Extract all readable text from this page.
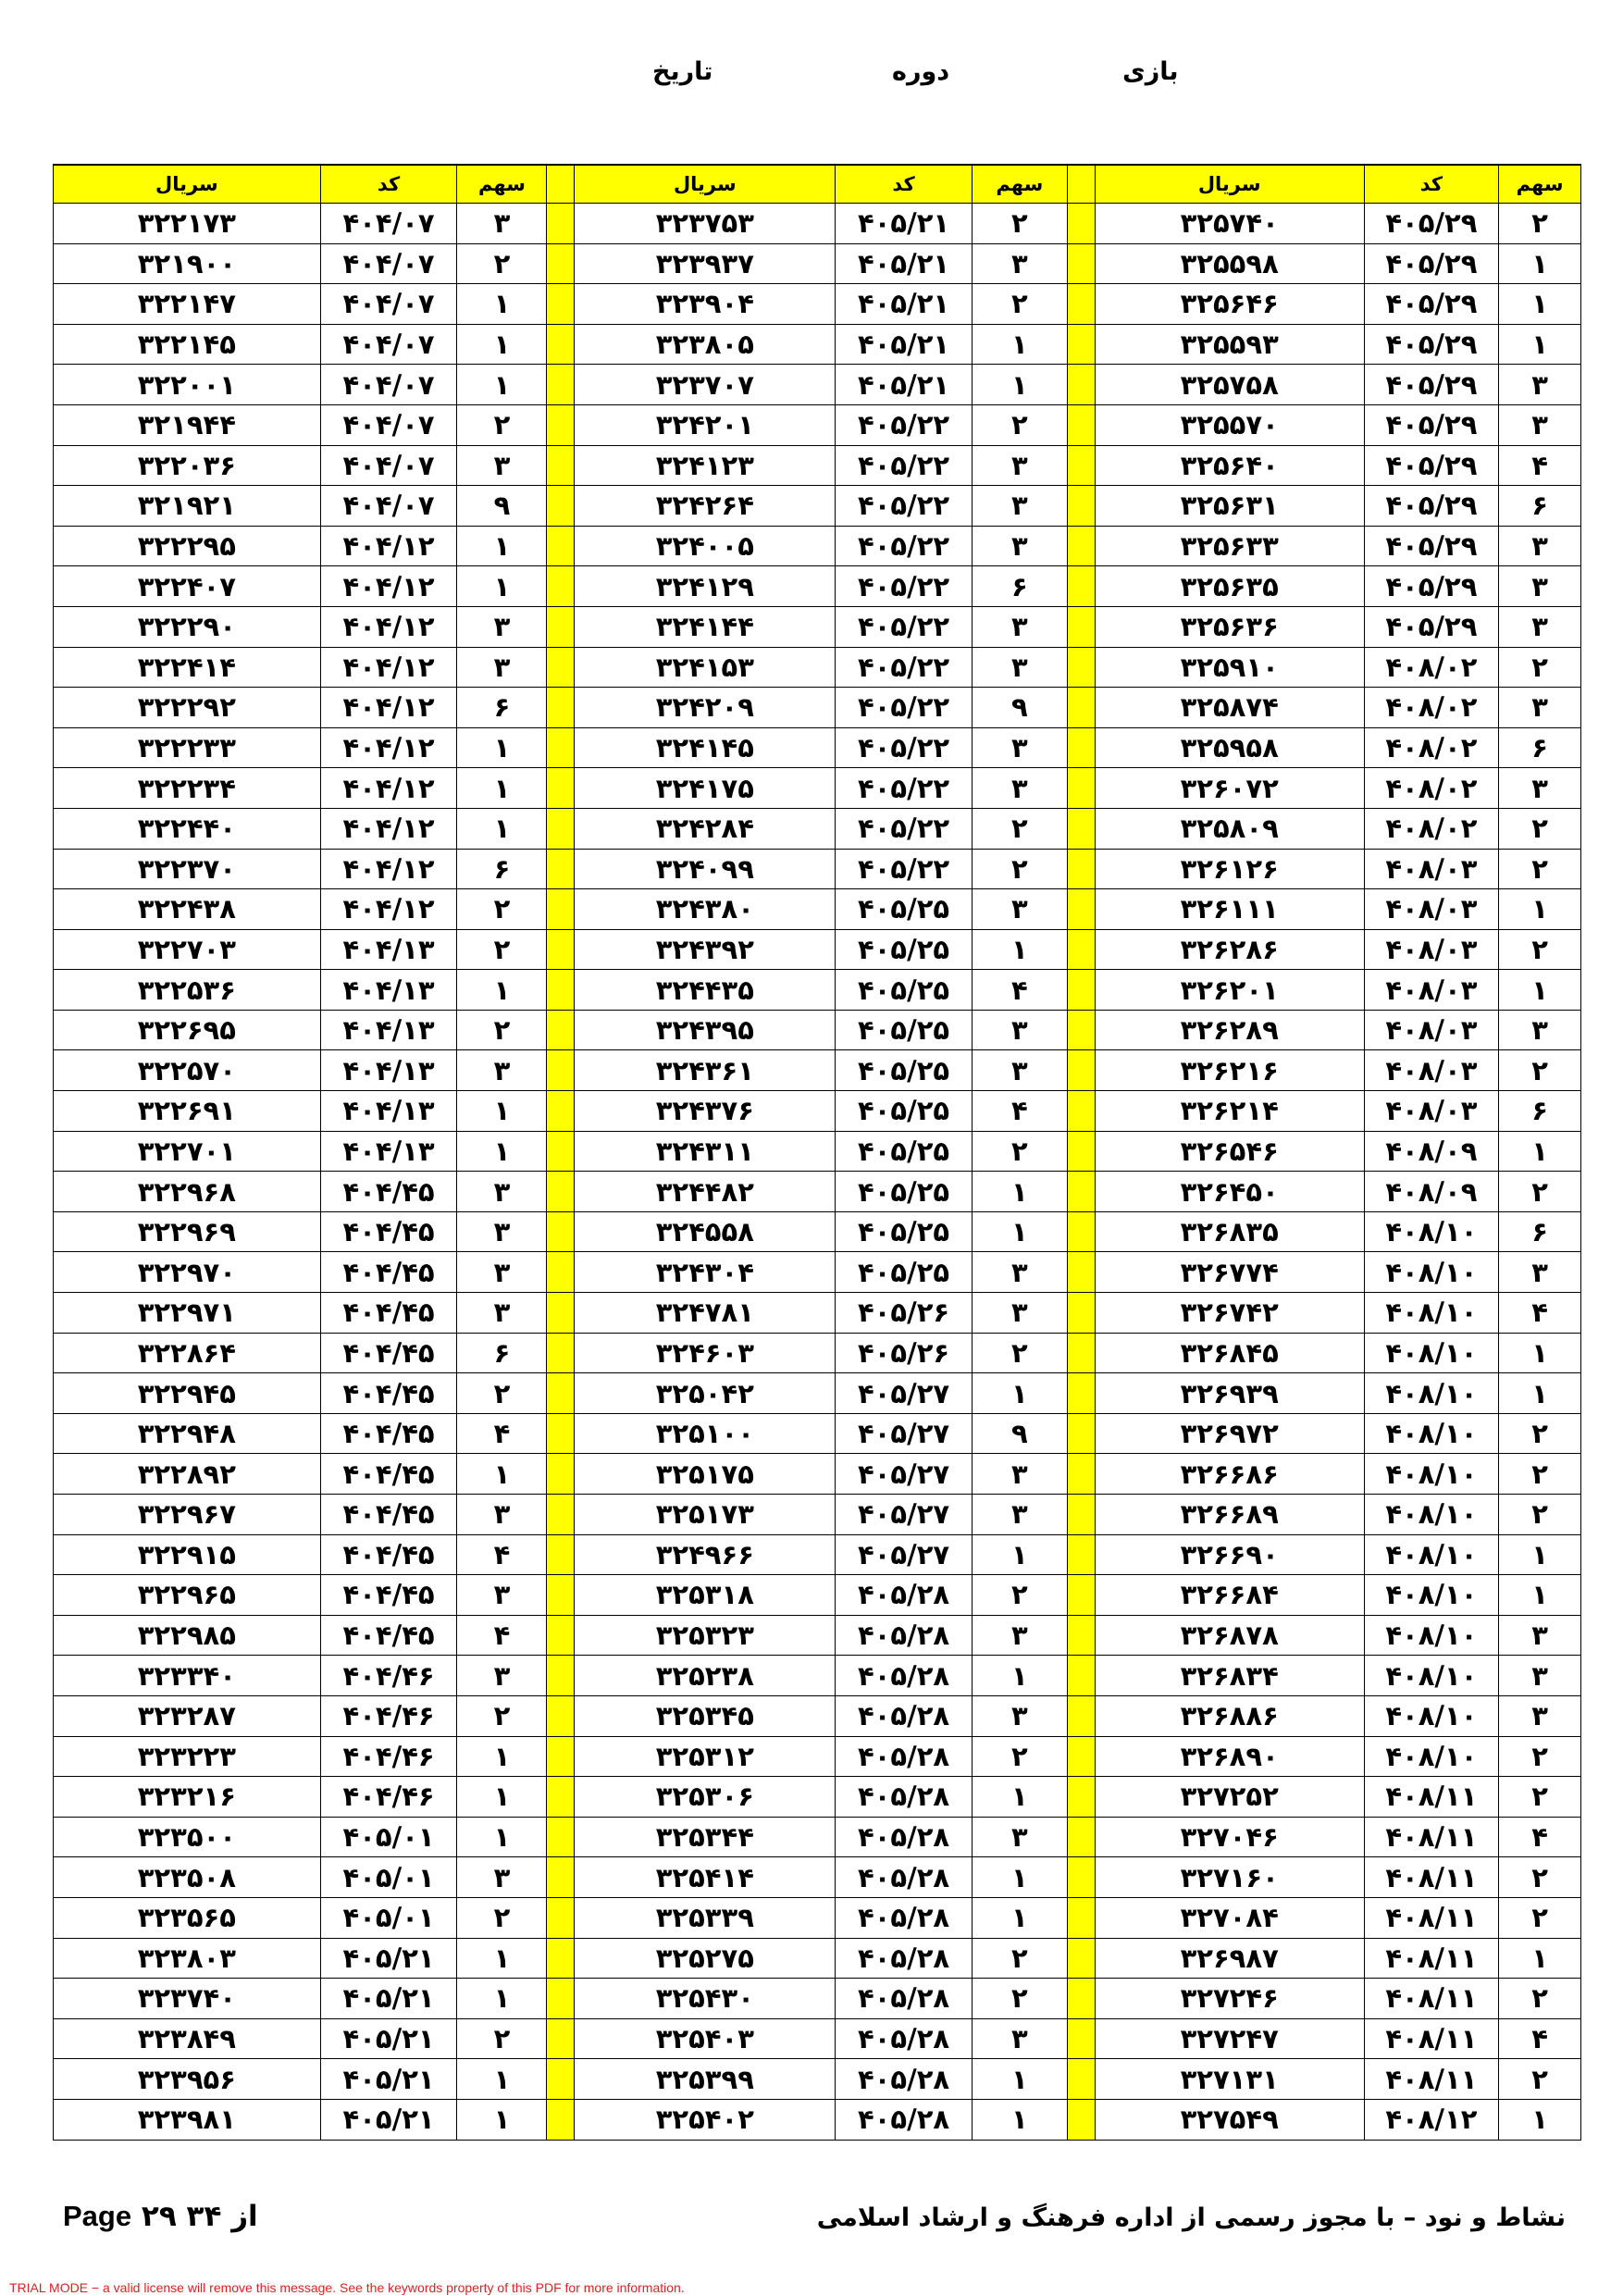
بازی
دوره
تاریخ
سهم	کد	سریال		سهم	کد	سریال		سهم	کد	سریال
۲	۴۰۵/۲۹	۳۲۵۷۴۰		۲	۴۰۵/۲۱	۳۲۳۷۵۳		۳	۴۰۴/۰۷	۳۲۲۱۷۳
۱	۴۰۵/۲۹	۳۲۵۵۹۸		۳	۴۰۵/۲۱	۳۲۳۹۳۷		۲	۴۰۴/۰۷	۳۲۱۹۰۰
۱	۴۰۵/۲۹	۳۲۵۶۴۶		۲	۴۰۵/۲۱	۳۲۳۹۰۴		۱	۴۰۴/۰۷	۳۲۲۱۴۷
۱	۴۰۵/۲۹	۳۲۵۵۹۳		۱	۴۰۵/۲۱	۳۲۳۸۰۵		۱	۴۰۴/۰۷	۳۲۲۱۴۵
۳	۴۰۵/۲۹	۳۲۵۷۵۸		۱	۴۰۵/۲۱	۳۲۳۷۰۷		۱	۴۰۴/۰۷	۳۲۲۰۰۱
۳	۴۰۵/۲۹	۳۲۵۵۷۰		۲	۴۰۵/۲۲	۳۲۴۲۰۱		۲	۴۰۴/۰۷	۳۲۱۹۴۴
۴	۴۰۵/۲۹	۳۲۵۶۴۰		۳	۴۰۵/۲۲	۳۲۴۱۲۳		۳	۴۰۴/۰۷	۳۲۲۰۳۶
۶	۴۰۵/۲۹	۳۲۵۶۳۱		۳	۴۰۵/۲۲	۳۲۴۲۶۴		۹	۴۰۴/۰۷	۳۲۱۹۲۱
۳	۴۰۵/۲۹	۳۲۵۶۳۳		۳	۴۰۵/۲۲	۳۲۴۰۰۵		۱	۴۰۴/۱۲	۳۲۲۲۹۵
۳	۴۰۵/۲۹	۳۲۵۶۳۵		۶	۴۰۵/۲۲	۳۲۴۱۲۹		۱	۴۰۴/۱۲	۳۲۲۴۰۷
۳	۴۰۵/۲۹	۳۲۵۶۳۶		۳	۴۰۵/۲۲	۳۲۴۱۴۴		۳	۴۰۴/۱۲	۳۲۲۲۹۰
۲	۴۰۸/۰۲	۳۲۵۹۱۰		۳	۴۰۵/۲۲	۳۲۴۱۵۳		۳	۴۰۴/۱۲	۳۲۲۴۱۴
۳	۴۰۸/۰۲	۳۲۵۸۷۴		۹	۴۰۵/۲۲	۳۲۴۲۰۹		۶	۴۰۴/۱۲	۳۲۲۲۹۲
۶	۴۰۸/۰۲	۳۲۵۹۵۸		۳	۴۰۵/۲۲	۳۲۴۱۴۵		۱	۴۰۴/۱۲	۳۲۲۲۳۳
۳	۴۰۸/۰۲	۳۲۶۰۷۲		۳	۴۰۵/۲۲	۳۲۴۱۷۵		۱	۴۰۴/۱۲	۳۲۲۲۳۴
۲	۴۰۸/۰۲	۳۲۵۸۰۹		۲	۴۰۵/۲۲	۳۲۴۲۸۴		۱	۴۰۴/۱۲	۳۲۲۴۴۰
۲	۴۰۸/۰۳	۳۲۶۱۲۶		۲	۴۰۵/۲۲	۳۲۴۰۹۹		۶	۴۰۴/۱۲	۳۲۲۳۷۰
۱	۴۰۸/۰۳	۳۲۶۱۱۱		۳	۴۰۵/۲۵	۳۲۴۳۸۰		۲	۴۰۴/۱۲	۳۲۲۴۳۸
۲	۴۰۸/۰۳	۳۲۶۲۸۶		۱	۴۰۵/۲۵	۳۲۴۳۹۲		۲	۴۰۴/۱۳	۳۲۲۷۰۳
۱	۴۰۸/۰۳	۳۲۶۲۰۱		۴	۴۰۵/۲۵	۳۲۴۴۳۵		۱	۴۰۴/۱۳	۳۲۲۵۳۶
۳	۴۰۸/۰۳	۳۲۶۲۸۹		۳	۴۰۵/۲۵	۳۲۴۳۹۵		۲	۴۰۴/۱۳	۳۲۲۶۹۵
۲	۴۰۸/۰۳	۳۲۶۲۱۶		۳	۴۰۵/۲۵	۳۲۴۳۶۱		۳	۴۰۴/۱۳	۳۲۲۵۷۰
۶	۴۰۸/۰۳	۳۲۶۲۱۴		۴	۴۰۵/۲۵	۳۲۴۳۷۶		۱	۴۰۴/۱۳	۳۲۲۶۹۱
۱	۴۰۸/۰۹	۳۲۶۵۴۶		۲	۴۰۵/۲۵	۳۲۴۳۱۱		۱	۴۰۴/۱۳	۳۲۲۷۰۱
۲	۴۰۸/۰۹	۳۲۶۴۵۰		۱	۴۰۵/۲۵	۳۲۴۴۸۲		۳	۴۰۴/۴۵	۳۲۲۹۶۸
۶	۴۰۸/۱۰	۳۲۶۸۳۵		۱	۴۰۵/۲۵	۳۲۴۵۵۸		۳	۴۰۴/۴۵	۳۲۲۹۶۹
۳	۴۰۸/۱۰	۳۲۶۷۷۴		۳	۴۰۵/۲۵	۳۲۴۳۰۴		۳	۴۰۴/۴۵	۳۲۲۹۷۰
۴	۴۰۸/۱۰	۳۲۶۷۴۲		۳	۴۰۵/۲۶	۳۲۴۷۸۱		۳	۴۰۴/۴۵	۳۲۲۹۷۱
۱	۴۰۸/۱۰	۳۲۶۸۴۵		۲	۴۰۵/۲۶	۳۲۴۶۰۳		۶	۴۰۴/۴۵	۳۲۲۸۶۴
۱	۴۰۸/۱۰	۳۲۶۹۳۹		۱	۴۰۵/۲۷	۳۲۵۰۴۲		۲	۴۰۴/۴۵	۳۲۲۹۴۵
۲	۴۰۸/۱۰	۳۲۶۹۷۲		۹	۴۰۵/۲۷	۳۲۵۱۰۰		۴	۴۰۴/۴۵	۳۲۲۹۴۸
۲	۴۰۸/۱۰	۳۲۶۶۸۶		۳	۴۰۵/۲۷	۳۲۵۱۷۵		۱	۴۰۴/۴۵	۳۲۲۸۹۲
۲	۴۰۸/۱۰	۳۲۶۶۸۹		۳	۴۰۵/۲۷	۳۲۵۱۷۳		۳	۴۰۴/۴۵	۳۲۲۹۶۷
۱	۴۰۸/۱۰	۳۲۶۶۹۰		۱	۴۰۵/۲۷	۳۲۴۹۶۶		۴	۴۰۴/۴۵	۳۲۲۹۱۵
۱	۴۰۸/۱۰	۳۲۶۶۸۴		۲	۴۰۵/۲۸	۳۲۵۳۱۸		۳	۴۰۴/۴۵	۳۲۲۹۶۵
۳	۴۰۸/۱۰	۳۲۶۸۷۸		۳	۴۰۵/۲۸	۳۲۵۳۲۳		۴	۴۰۴/۴۵	۳۲۲۹۸۵
۳	۴۰۸/۱۰	۳۲۶۸۳۴		۱	۴۰۵/۲۸	۳۲۵۲۳۸		۳	۴۰۴/۴۶	۳۲۳۳۴۰
۳	۴۰۸/۱۰	۳۲۶۸۸۶		۳	۴۰۵/۲۸	۳۲۵۳۴۵		۲	۴۰۴/۴۶	۳۲۳۲۸۷
۲	۴۰۸/۱۰	۳۲۶۸۹۰		۲	۴۰۵/۲۸	۳۲۵۳۱۲		۱	۴۰۴/۴۶	۳۲۳۲۲۳
۲	۴۰۸/۱۱	۳۲۷۲۵۲		۱	۴۰۵/۲۸	۳۲۵۳۰۶		۱	۴۰۴/۴۶	۳۲۳۲۱۶
۴	۴۰۸/۱۱	۳۲۷۰۴۶		۳	۴۰۵/۲۸	۳۲۵۳۴۴		۱	۴۰۵/۰۱	۳۲۳۵۰۰
۲	۴۰۸/۱۱	۳۲۷۱۶۰		۱	۴۰۵/۲۸	۳۲۵۴۱۴		۳	۴۰۵/۰۱	۳۲۳۵۰۸
۲	۴۰۸/۱۱	۳۲۷۰۸۴		۱	۴۰۵/۲۸	۳۲۵۳۳۹		۲	۴۰۵/۰۱	۳۲۳۵۶۵
۱	۴۰۸/۱۱	۳۲۶۹۸۷		۲	۴۰۵/۲۸	۳۲۵۲۷۵		۱	۴۰۵/۲۱	۳۲۳۸۰۳
۲	۴۰۸/۱۱	۳۲۷۲۴۶		۲	۴۰۵/۲۸	۳۲۵۴۳۰		۱	۴۰۵/۲۱	۳۲۳۷۴۰
۴	۴۰۸/۱۱	۳۲۷۲۴۷		۳	۴۰۵/۲۸	۳۲۵۴۰۳		۲	۴۰۵/۲۱	۳۲۳۸۴۹
۲	۴۰۸/۱۱	۳۲۷۱۳۱		۱	۴۰۵/۲۸	۳۲۵۳۹۹		۱	۴۰۵/۲۱	۳۲۳۹۵۶
۱	۴۰۸/۱۲	۳۲۷۵۴۹		۱	۴۰۵/۲۸	۳۲۵۴۰۲		۱	۴۰۵/۲۱	۳۲۳۹۸۱
نشاط و نود – با مجوز رسمی از اداره فرهنگ و ارشاد اسلامی
Page ۲۹ ۳۴ از
TRIAL MODE − a valid license will remove this message. See the keywords property of this PDF for more information.
